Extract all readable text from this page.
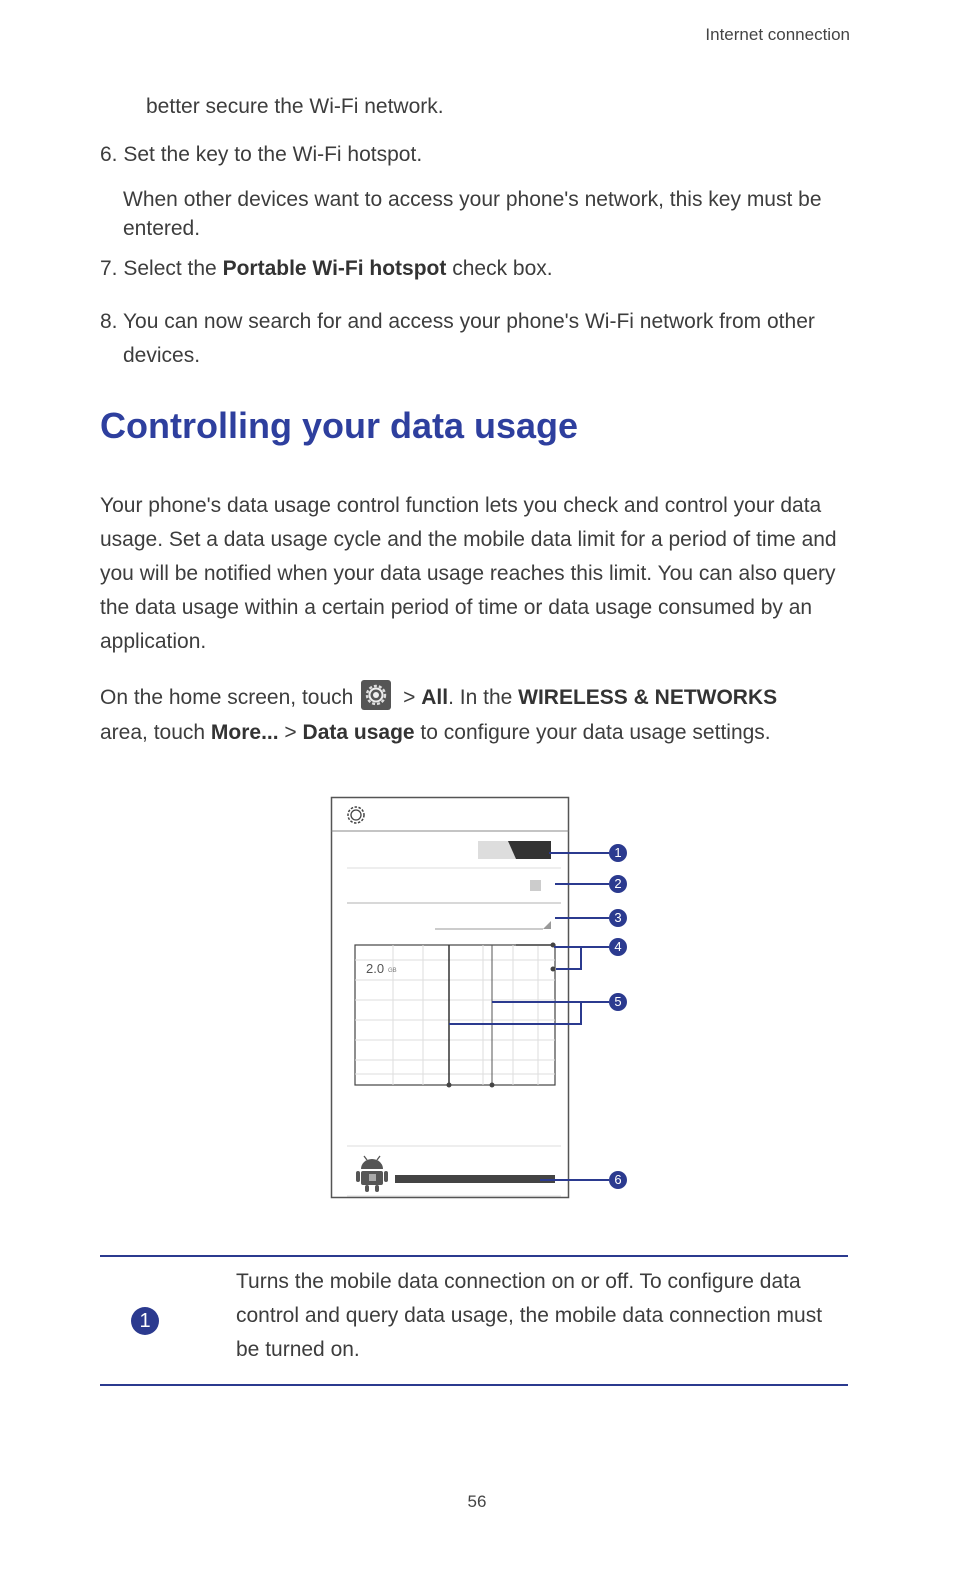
Internet connection
better secure the Wi-Fi network.
6. Set the key to the Wi-Fi hotspot.
When other devices want to access your phone's network, this key must be entered.
7. Select the Portable Wi-Fi hotspot check box.
8. You can now search for and access your phone's Wi-Fi network from other devices.
Controlling your data usage
Your phone's data usage control function lets you check and control your data usage. Set a data usage cycle and the mobile data limit for a period of time and you will be notified when your data usage reaches this limit. You can also query the data usage within a certain period of time or data usage consumed by an application.
On the home screen, touch > All. In the WIRELESS & NETWORKS
area, touch More... > Data usage to configure your data usage settings.
2.0 GB
1
2
3
4
5
6
1
Turns the mobile data connection on or off. To configure data control and query data usage, the mobile data connection must be turned on.
56
